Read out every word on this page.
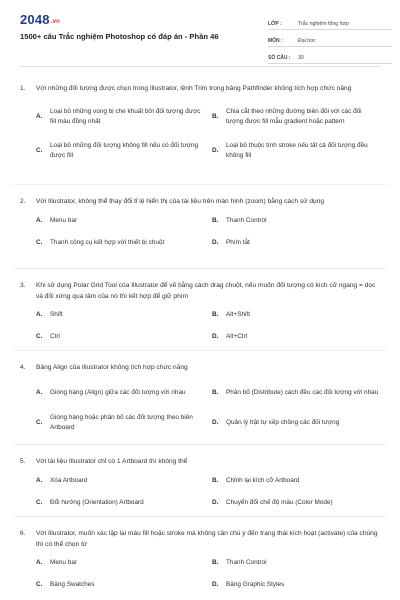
2048.vn
1500+ câu Trắc nghiệm Photoshop có đáp án - Phần 46
LỚP :	Trắc nghiệm tổng hợp
MÔN :	Đại học
SỐ CÂU :	30
1.	Với những đối tượng được chọn trong Illustrator, lệnh Trim trong bảng Pathfinder không tích hợp chức năng
A.
Loại bỏ những vùng bị che khuất bởi đối tượng được fill màu đồng nhất
B.
Chia cắt theo những đường biên đối với các đối tượng được fill mẫu gradient hoặc pattern
C.
Loại bỏ những đối tượng không fill nếu có đối tượng được fill
D.
Loại bỏ thuộc tính stroke nếu tất cả đối tượng đều không fill
2.	Với Illustrator, không thể thay đổi tỉ lệ hiển thị của tài liệu trên màn hình (zoom) bằng cách sử dụng
A.	Menu bar	B.	Thanh Control
C.	Thanh công cụ kết hợp với thiết bị chuột	D.	Phím tắt
3.	Khi sử dụng Polar Grid Tool của Illustrator để vẽ bằng cách drag chuột, nếu muốn đối tượng có kích cỡ ngang = dọc và đối xứng qua tâm của nó thì kết hợp để giữ phím
A.	Shift	B.	Alt+Shift
C.	Ctrl	D.	Alt+Ctrl
4.	Bảng Align của Illustrator không tích hợp chức năng
A.	Gióng hàng (Align) giữa các đối tượng với nhau	B.	Phân bố (Distribute) cách đều các đối tượng với nhau
C.
Gióng hàng hoặc phân bố các đối tượng theo biên Artboard
D.	Quản lý trật tự xếp chồng các đối tượng
5.	Với tài liệu Illustrator chỉ có 1 Artboard thì không thể
A.	Xóa Artboard	B.	Chỉnh lại kích cỡ Artboard
C.	Đổi hướng (Orientation) Artboard	D.	Chuyển đổi chế độ màu (Color Mode)
6.	Với Illustrator, muốn xác lập lại màu fill hoặc stroke mà không cần chú ý đến trạng thái kích hoạt (activate) của chúng thì có thể chọn từ
A.	Menu bar	B.	Thanh Control
C.	Bảng Swatches	D.	Bảng Graphic Styles
